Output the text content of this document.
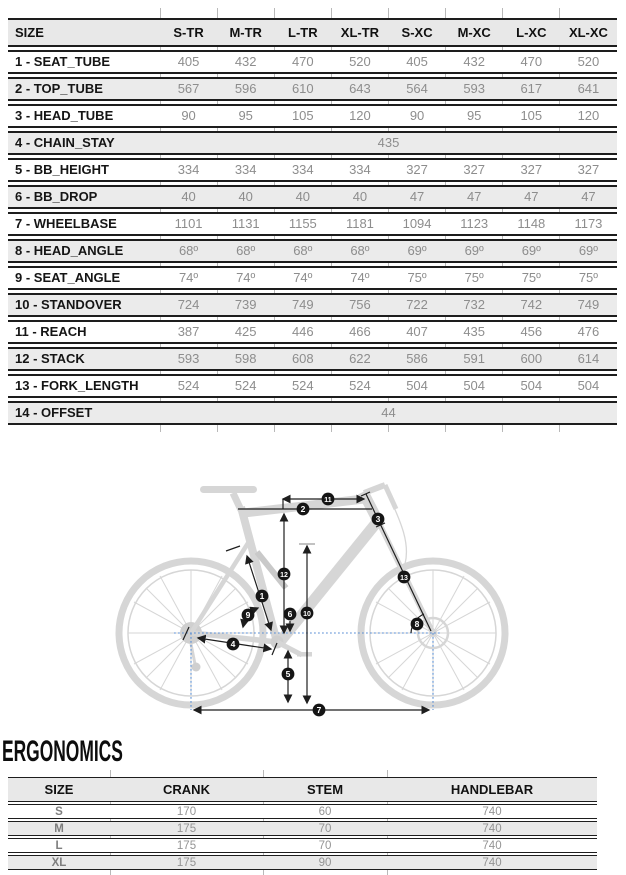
SIZE	S-TR	M-TR	L-TR	XL-TR	S-XC	M-XC	L-XC	XL-XC
1 - SEAT_TUBE	405	432	470	520	405	432	470	520
2 - TOP_TUBE	567	596	610	643	564	593	617	641
3 - HEAD_TUBE	90	95	105	120	90	95	105	120
4 - CHAIN_STAY	435							
5 - BB_HEIGHT	334	334	334	334	327	327	327	327
6 - BB_DROP	40	40	40	40	47	47	47	47
7 - WHEELBASE	1101	1131	1155	1181	1094	1123	1148	1173
8 - HEAD_ANGLE	68º	68º	68º	68º	69º	69º	69º	69º
9 - SEAT_ANGLE	74º	74º	74º	74º	75º	75º	75º	75º
10 - STANDOVER	724	739	749	756	722	732	742	749
11 - REACH	387	425	446	466	407	435	456	476
12 - STACK	593	598	608	622	586	591	600	614
13 - FORK_LENGTH	524	524	524	524	504	504	504	504
14 - OFFSET	44							
1
2
3
4
5
6
7
8
9	10
11
12	13
ERGONOMICS
SIZE	CRANK	STEM	HANDLEBAR
S	170	60	740
M	175	70	740
L	175	70	740
XL	175	90	740
